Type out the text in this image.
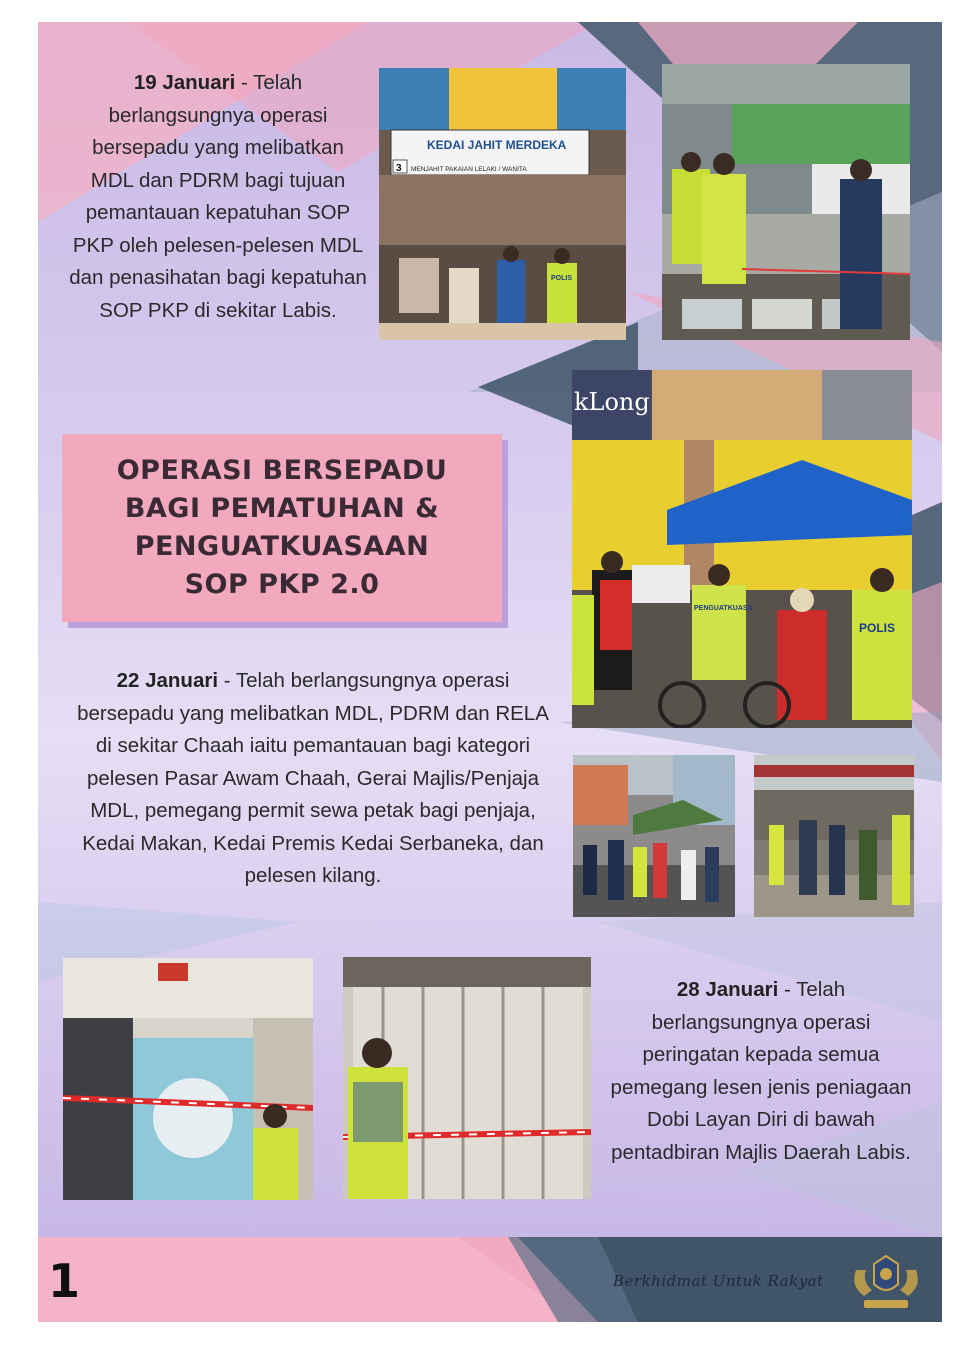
19 Januari - Telah berlangsungnya operasi bersepadu yang melibatkan MDL dan PDRM bagi tujuan pemantauan kepatuhan SOP PKP oleh pelesen-pelesen MDL dan penasihatan bagi kepatuhan SOP PKP di sekitar Labis.
KEDAI JAHIT MERDEKA
3 MENJAHIT PAKAIAN LELAKI / WANITA
POLIS
OPERASI BERSEPADU
BAGI PEMATUHAN &
PENGUATKUASAAN
SOP PKP 2.0
kLong
PENGUATKUASA
POLIS
22 Januari - Telah berlangsungnya operasi bersepadu yang melibatkan MDL, PDRM dan RELA di sekitar Chaah iaitu pemantauan bagi kategori pelesen Pasar Awam Chaah, Gerai Majlis/Penjaja MDL, pemegang permit sewa petak bagi penjaja, Kedai Makan, Kedai Premis Kedai Serbaneka, dan pelesen kilang.
28 Januari - Telah berlangsungnya operasi peringatan kepada semua pemegang lesen jenis peniagaan Dobi Layan Diri di bawah pentadbiran Majlis Daerah Labis.
1	Berkhidmat Untuk Rakyat
